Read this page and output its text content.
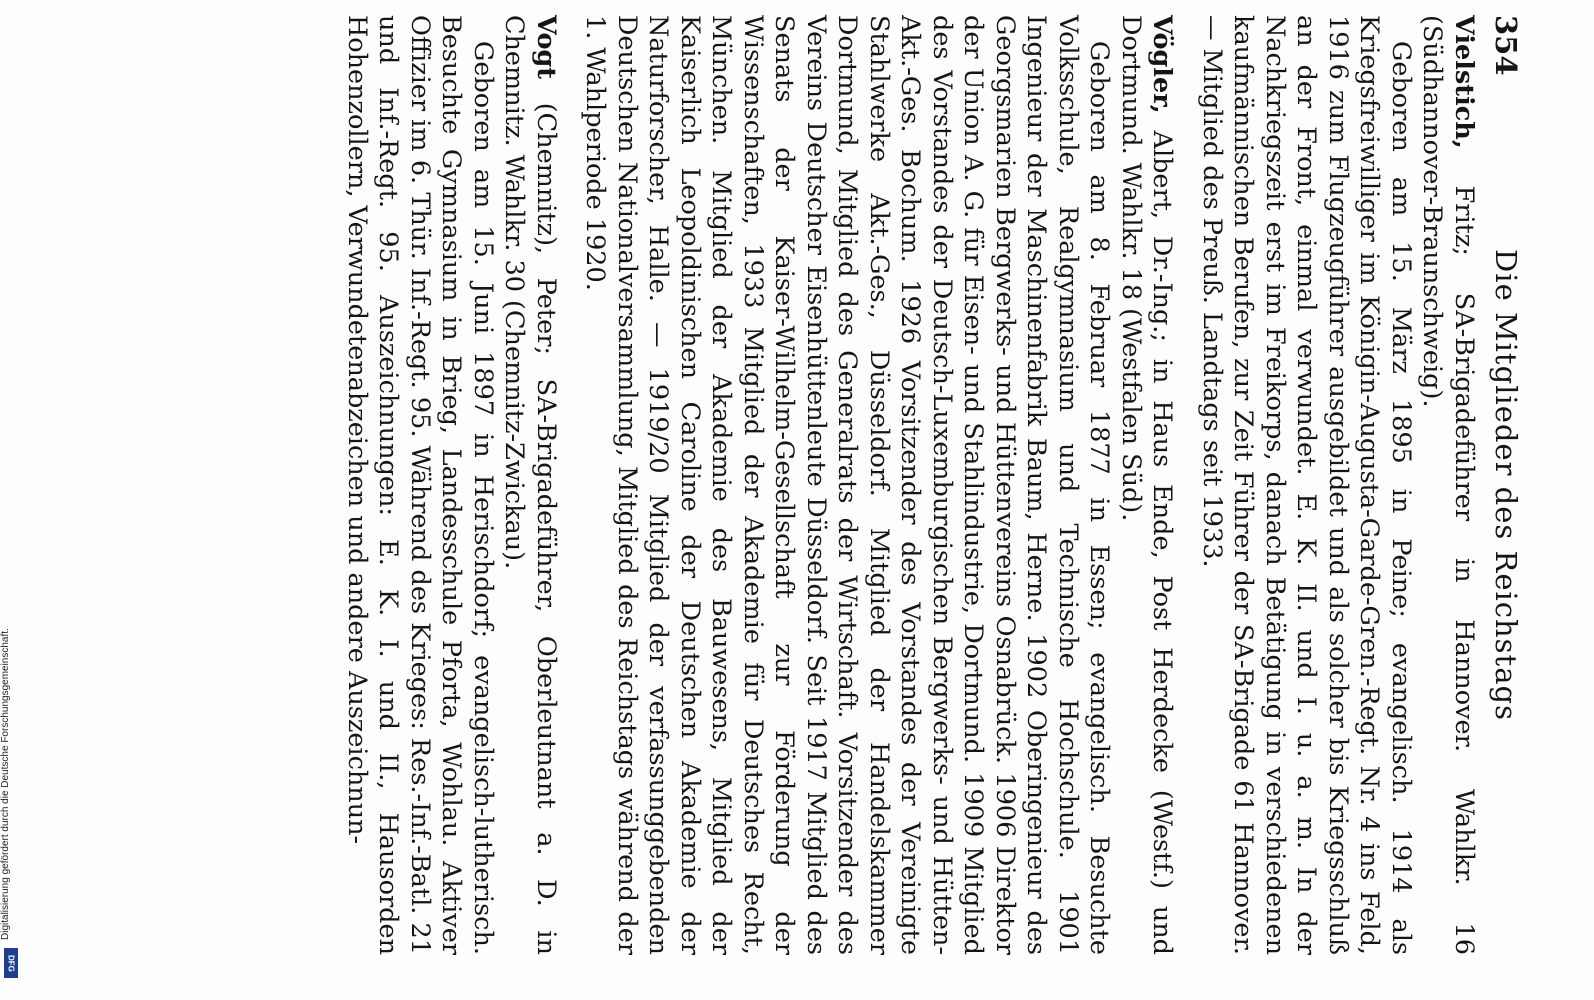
354
Die Mitglieder des Reichstags

Vielstich, Fritz; SA-Brigadeführer in Hannover. Wahlkr. 16 (Südhannover-Braunschweig).

Geboren am 15. März 1895 in Peine; evangelisch. 1914 als Kriegsfreiwilliger im Königin-Augusta-Garde-Gren.-Regt. Nr. 4 ins Feld, 1916 zum Flugzeugführer ausgebildet und als solcher bis Kriegsschluß an der Front, einmal verwundet. E. K. II. und I. u. a. m. In der Nachkriegszeit erst im Freikorps, danach Betätigung in verschiedenen kaufmännischen Berufen, zur Zeit Führer der SA-Brigade 61 Hannover. — Mitglied des Preuß. Landtags seit 1933.

Vögler, Albert, Dr.-Ing.; in Haus Ende, Post Herdecke (Westf.) und Dortmund. Wahlkr. 18 (Westfalen Süd).

Geboren am 8. Februar 1877 in Essen; evangelisch. Besuchte Volksschule, Realgymnasium und Technische Hochschule. 1901 Ingenieur der Maschinenfabrik Baum, Herne. 1902 Oberingenieur des Georgsmarien Bergwerks- und Hüttenvereins Osnabrück. 1906 Direktor der Union A. G. für Eisen- und Stahlindustrie, Dortmund. 1909 Mitglied des Vorstandes der Deutsch-Luxemburgischen Bergwerks- und Hütten-Akt.-Ges. Bochum. 1926 Vorsitzender des Vorstandes der Vereinigte Stahlwerke Akt.-Ges., Düsseldorf. Mitglied der Handelskammer Dortmund, Mitglied des Generalrats der Wirtschaft. Vorsitzender des Vereins Deutscher Eisenhüttenleute Düsseldorf. Seit 1917 Mitglied des Senats der Kaiser-Wilhelm-Gesellschaft zur Förderung der Wissenschaften, 1933 Mitglied der Akademie für Deutsches Recht, München. Mitglied der Akademie des Bauwesens, Mitglied der Kaiserlich Leopoldinischen Caroline der Deutschen Akademie der Naturforscher, Halle. — 1919/20 Mitglied der verfassunggebenden Deutschen Nationalversammlung, Mitglied des Reichstags während der 1. Wahlperiode 1920.

Vogt (Chemnitz), Peter; SA-Brigadeführer, Oberleutnant a. D. in Chemnitz. Wahlkr. 30 (Chemnitz-Zwickau).

Geboren am 15. Juni 1897 in Herischdorf; evangelisch-lutherisch. Besuchte Gymnasium in Brieg, Landesschule Pforta, Wohlau. Aktiver Offizier im 6. Thür. Inf.-Regt. 95. Während des Krieges: Res.-Inf.-Batl. 21 und Inf.-Regt. 95. Auszeichnungen: E. K. I. und II., Hausorden Hohenzollern, Verwundetenabzeichen und andere Auszeichnun-

Digitalisierung gefördert durch die Deutsche Forschungsgemeinschaft.
DFG
